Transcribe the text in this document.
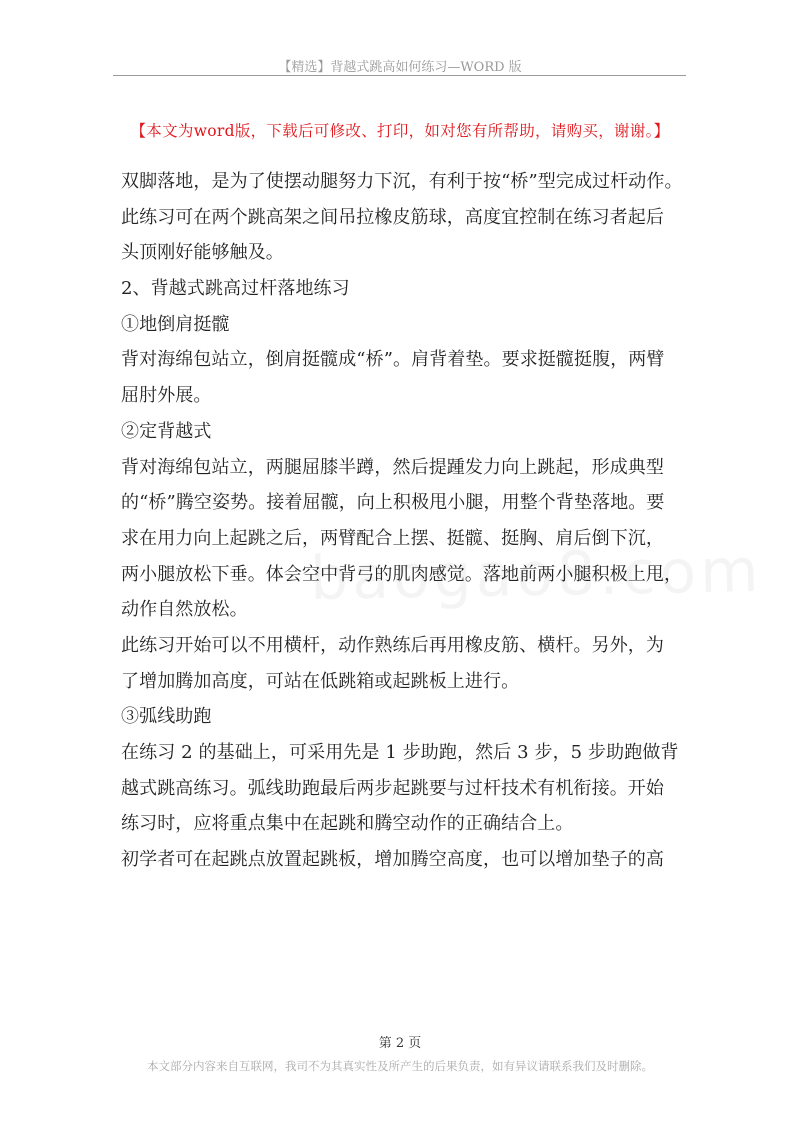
【精选】背越式跳高如何练习—WORD 版
【本文为word版，下载后可修改、打印，如对您有所帮助，请购买，谢谢。】
双脚落地，是为了使摆动腿努力下沉，有利于按“桥”型完成过杆动作。
此练习可在两个跳高架之间吊拉橡皮筋球，高度宜控制在练习者起后
头顶刚好能够触及。
2、背越式跳高过杆落地练习
①地倒肩挺髋
背对海绵包站立，倒肩挺髋成“桥”。肩背着垫。要求挺髋挺腹，两臂
屈肘外展。
②定背越式
背对海绵包站立，两腿屈膝半蹲，然后提踵发力向上跳起，形成典型
的“桥”腾空姿势。接着屈髋，向上积极甩小腿，用整个背垫落地。要
求在用力向上起跳之后，两臂配合上摆、挺髋、挺胸、肩后倒下沉，
两小腿放松下垂。体会空中背弓的肌肉感觉。落地前两小腿积极上甩，
动作自然放松。
此练习开始可以不用横杆，动作熟练后再用橡皮筋、横杆。另外，为
了增加腾加高度，可站在低跳箱或起跳板上进行。
③弧线助跑
在练习 2 的基础上，可采用先是 1 步助跑，然后 3 步，5 步助跑做背
越式跳高练习。弧线助跑最后两步起跳要与过杆技术有机衔接。开始
练习时，应将重点集中在起跳和腾空动作的正确结合上。
初学者可在起跳点放置起跳板，增加腾空高度，也可以增加垫子的高
第 2 页
本文部分内容来自互联网，我司不为其真实性及所产生的后果负责，如有异议请联系我们及时删除。
